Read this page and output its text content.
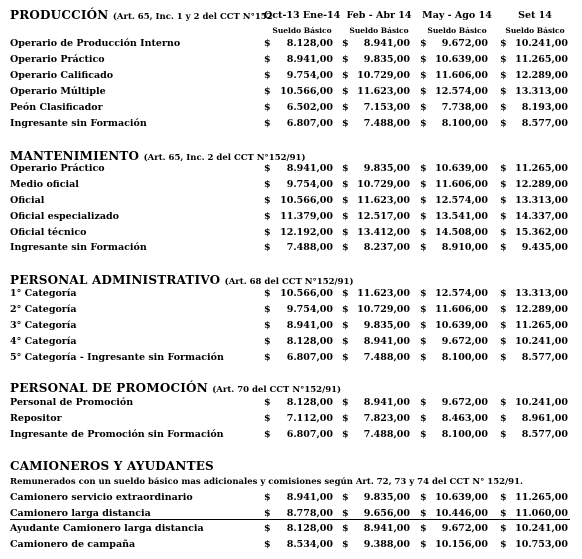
PRODUCCIÓN (Art. 65, Inc. 1 y 2 del CCT N°152
Oct-13 Ene-14 Feb - Abr 14	May - Ago 14	Set 14
Sueldo Básico	Sueldo Básico	Sueldo Básico	Sueldo Básico
MANTENIMIENTO (Art. 65, Inc. 2 del CCT N°152/91)
PERSONAL ADMINISTRATIVO (Art. 68 del CCT N°152/91)
PERSONAL DE PROMOCIÓN (Art. 70 del CCT N°152/91)
CAMIONEROS Y AYUDANTES
Remunerados con un sueldo básico mas adicionales y comisiones según Art. 72, 73 y 74 del CCT N° 152/91.
Operario de Producción Interno	$	8.128,00 $	8.941,00 $	9.672,00 $ 10.241,00
Operario Práctico	$	8.941,00 $	9.835,00 $ 10.639,00 $ 11.265,00
Operario Calificado	$	9.754,00 $ 10.729,00 $ 11.606,00 $ 12.289,00
Operario Múltiple	$ 10.566,00 $ 11.623,00 $ 12.574,00 $ 13.313,00
Peón Clasificador	$	6.502,00 $	7.153,00 $	7.738,00 $	8.193,00
Ingresante sin Formación	$	6.807,00 $	7.488,00 $	8.100,00 $	8.577,00
Operario Práctico	$	8.941,00 $	9.835,00 $ 10.639,00 $ 11.265,00
Medio oficial	$	9.754,00 $ 10.729,00 $ 11.606,00 $ 12.289,00
Oficial	$ 10.566,00 $ 11.623,00 $ 12.574,00 $ 13.313,00
Oficial especializado	$ 11.379,00 $ 12.517,00 $ 13.541,00 $ 14.337,00
Oficial técnico	$ 12.192,00 $ 13.412,00 $ 14.508,00 $ 15.362,00
Ingresante sin Formación	$	7.488,00 $	8.237,00 $	8.910,00 $	9.435,00
1° Categoría	$ 10.566,00 $ 11.623,00 $ 12.574,00 $ 13.313,00
2° Categoría	$	9.754,00 $ 10.729,00 $ 11.606,00 $ 12.289,00
3° Categoría	$	8.941,00 $	9.835,00 $ 10.639,00 $ 11.265,00
4° Categoría	$	8.128,00 $	8.941,00 $	9.672,00 $ 10.241,00
5° Categoría - Ingresante sin Formación	$	6.807,00 $	7.488,00 $	8.100,00 $	8.577,00
Personal de Promoción	$	8.128,00 $	8.941,00 $	9.672,00 $ 10.241,00
Repositor	$	7.112,00 $	7.823,00 $	8.463,00 $	8.961,00
Ingresante de Promoción sin Formación	$	6.807,00 $	7.488,00 $	8.100,00 $	8.577,00
Camionero servicio extraordinario	$	8.941,00 $	9.835,00 $ 10.639,00 $ 11.265,00
Camionero larga distancia	$	8.778,00 $	9.656,00 $ 10.446,00 $ 11.060,00
Ayudante Camionero larga distancia	$	8.128,00 $	8.941,00 $	9.672,00 $ 10.241,00
Camionero de campaña	$	8.534,00 $	9.388,00 $ 10.156,00 $ 10.753,00
